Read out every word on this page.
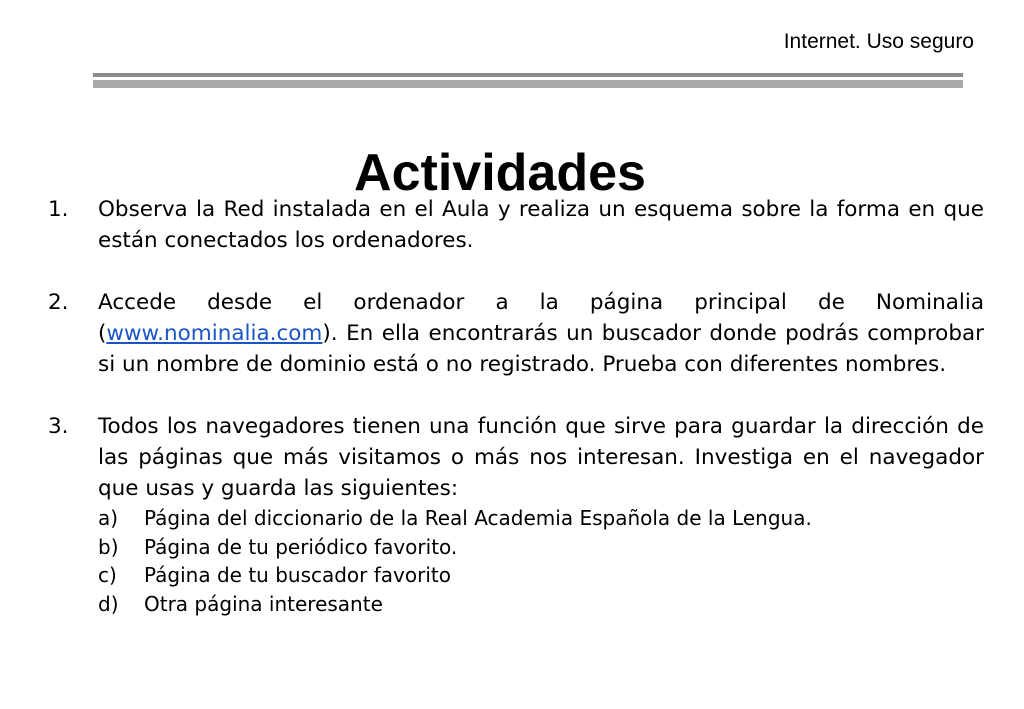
Internet. Uso seguro
Actividades
1. Observa la Red instalada en el Aula y realiza un esquema sobre la forma en que están conectados los ordenadores.
2. Accede desde el ordenador a la página principal de Nominalia (www.nominalia.com). En ella encontrarás un buscador donde podrás comprobar si un nombre de dominio está o no registrado. Prueba con diferentes nombres.
3. Todos los navegadores tienen una función que sirve para guardar la dirección de las páginas que más visitamos o más nos interesan. Investiga en el navegador que usas y guarda las siguientes:
a) Página del diccionario de la Real Academia Española de la Lengua.
b) Página de tu periódico favorito.
c) Página de tu buscador favorito
d) Otra página interesante
